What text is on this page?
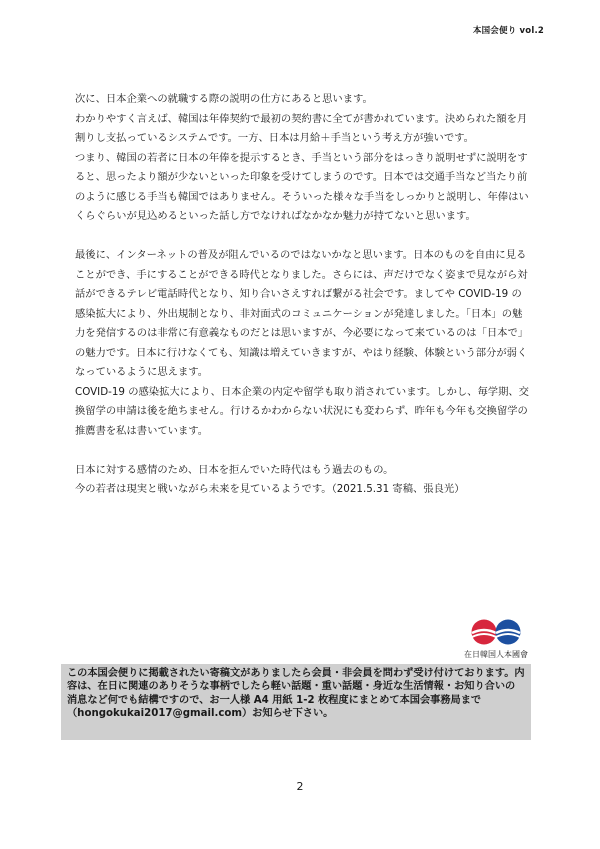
本国会便り vol.2

次に、日本企業への就職する際の説明の仕方にあると思います。

わかりやすく言えば、韓国は年俸契約で最初の契約書に全てが書かれています。決められた額を月割りし支払っているシステムです。一方、日本は月給＋手当という考え方が強いです。

つまり、韓国の若者に日本の年俸を提示するとき、手当という部分をはっきり説明せずに説明をすると、思ったより額が少ないといった印象を受けてしまうのです。日本では交通手当など当たり前のように感じる手当も韓国ではありません。そういった様々な手当をしっかりと説明し、年俸はいくらぐらいが見込めるといった話し方でなければなかなか魅力が持てないと思います。

最後に、インターネットの普及が阻んでいるのではないかなと思います。日本のものを自由に見ることができ、手にすることができる時代となりました。さらには、声だけでなく姿まで見ながら対話ができるテレビ電話時代となり、知り合いさえすれば繋がる社会です。ましてや COVID-19 の感染拡大により、外出規制となり、非対面式のコミュニケーションが発達しました。「日本」の魅力を発信するのは非常に有意義なものだとは思いますが、今必要になって来ているのは「日本で」の魅力です。日本に行けなくても、知識は増えていきますが、やはり経験、体験という部分が弱くなっているように思えます。

COVID-19 の感染拡大により、日本企業の内定や留学も取り消されています。しかし、毎学期、交換留学の申請は後を絶ちません。行けるかわからない状況にも変わらず、昨年も今年も交換留学の推薦書を私は書いています。

日本に対する感情のため、日本を拒んでいた時代はもう過去のもの。

今の若者は現実と戦いながら未来を見ているようです。（2021.5.31 寄稿、張良光）

在日韓国人本國會
この本国会便りに掲載されたい寄稿文がありましたら会員・非会員を問わず受け付けております。内容は、在日に関連のありそうな事柄でしたら軽い話題・重い話題・身近な生活情報・お知り合いの消息など何でも結構ですので、お一人様 A4 用紙 1-2 枚程度にまとめて本国会事務局まで（hongokukai2017@gmail.com）お知らせ下さい。
2
